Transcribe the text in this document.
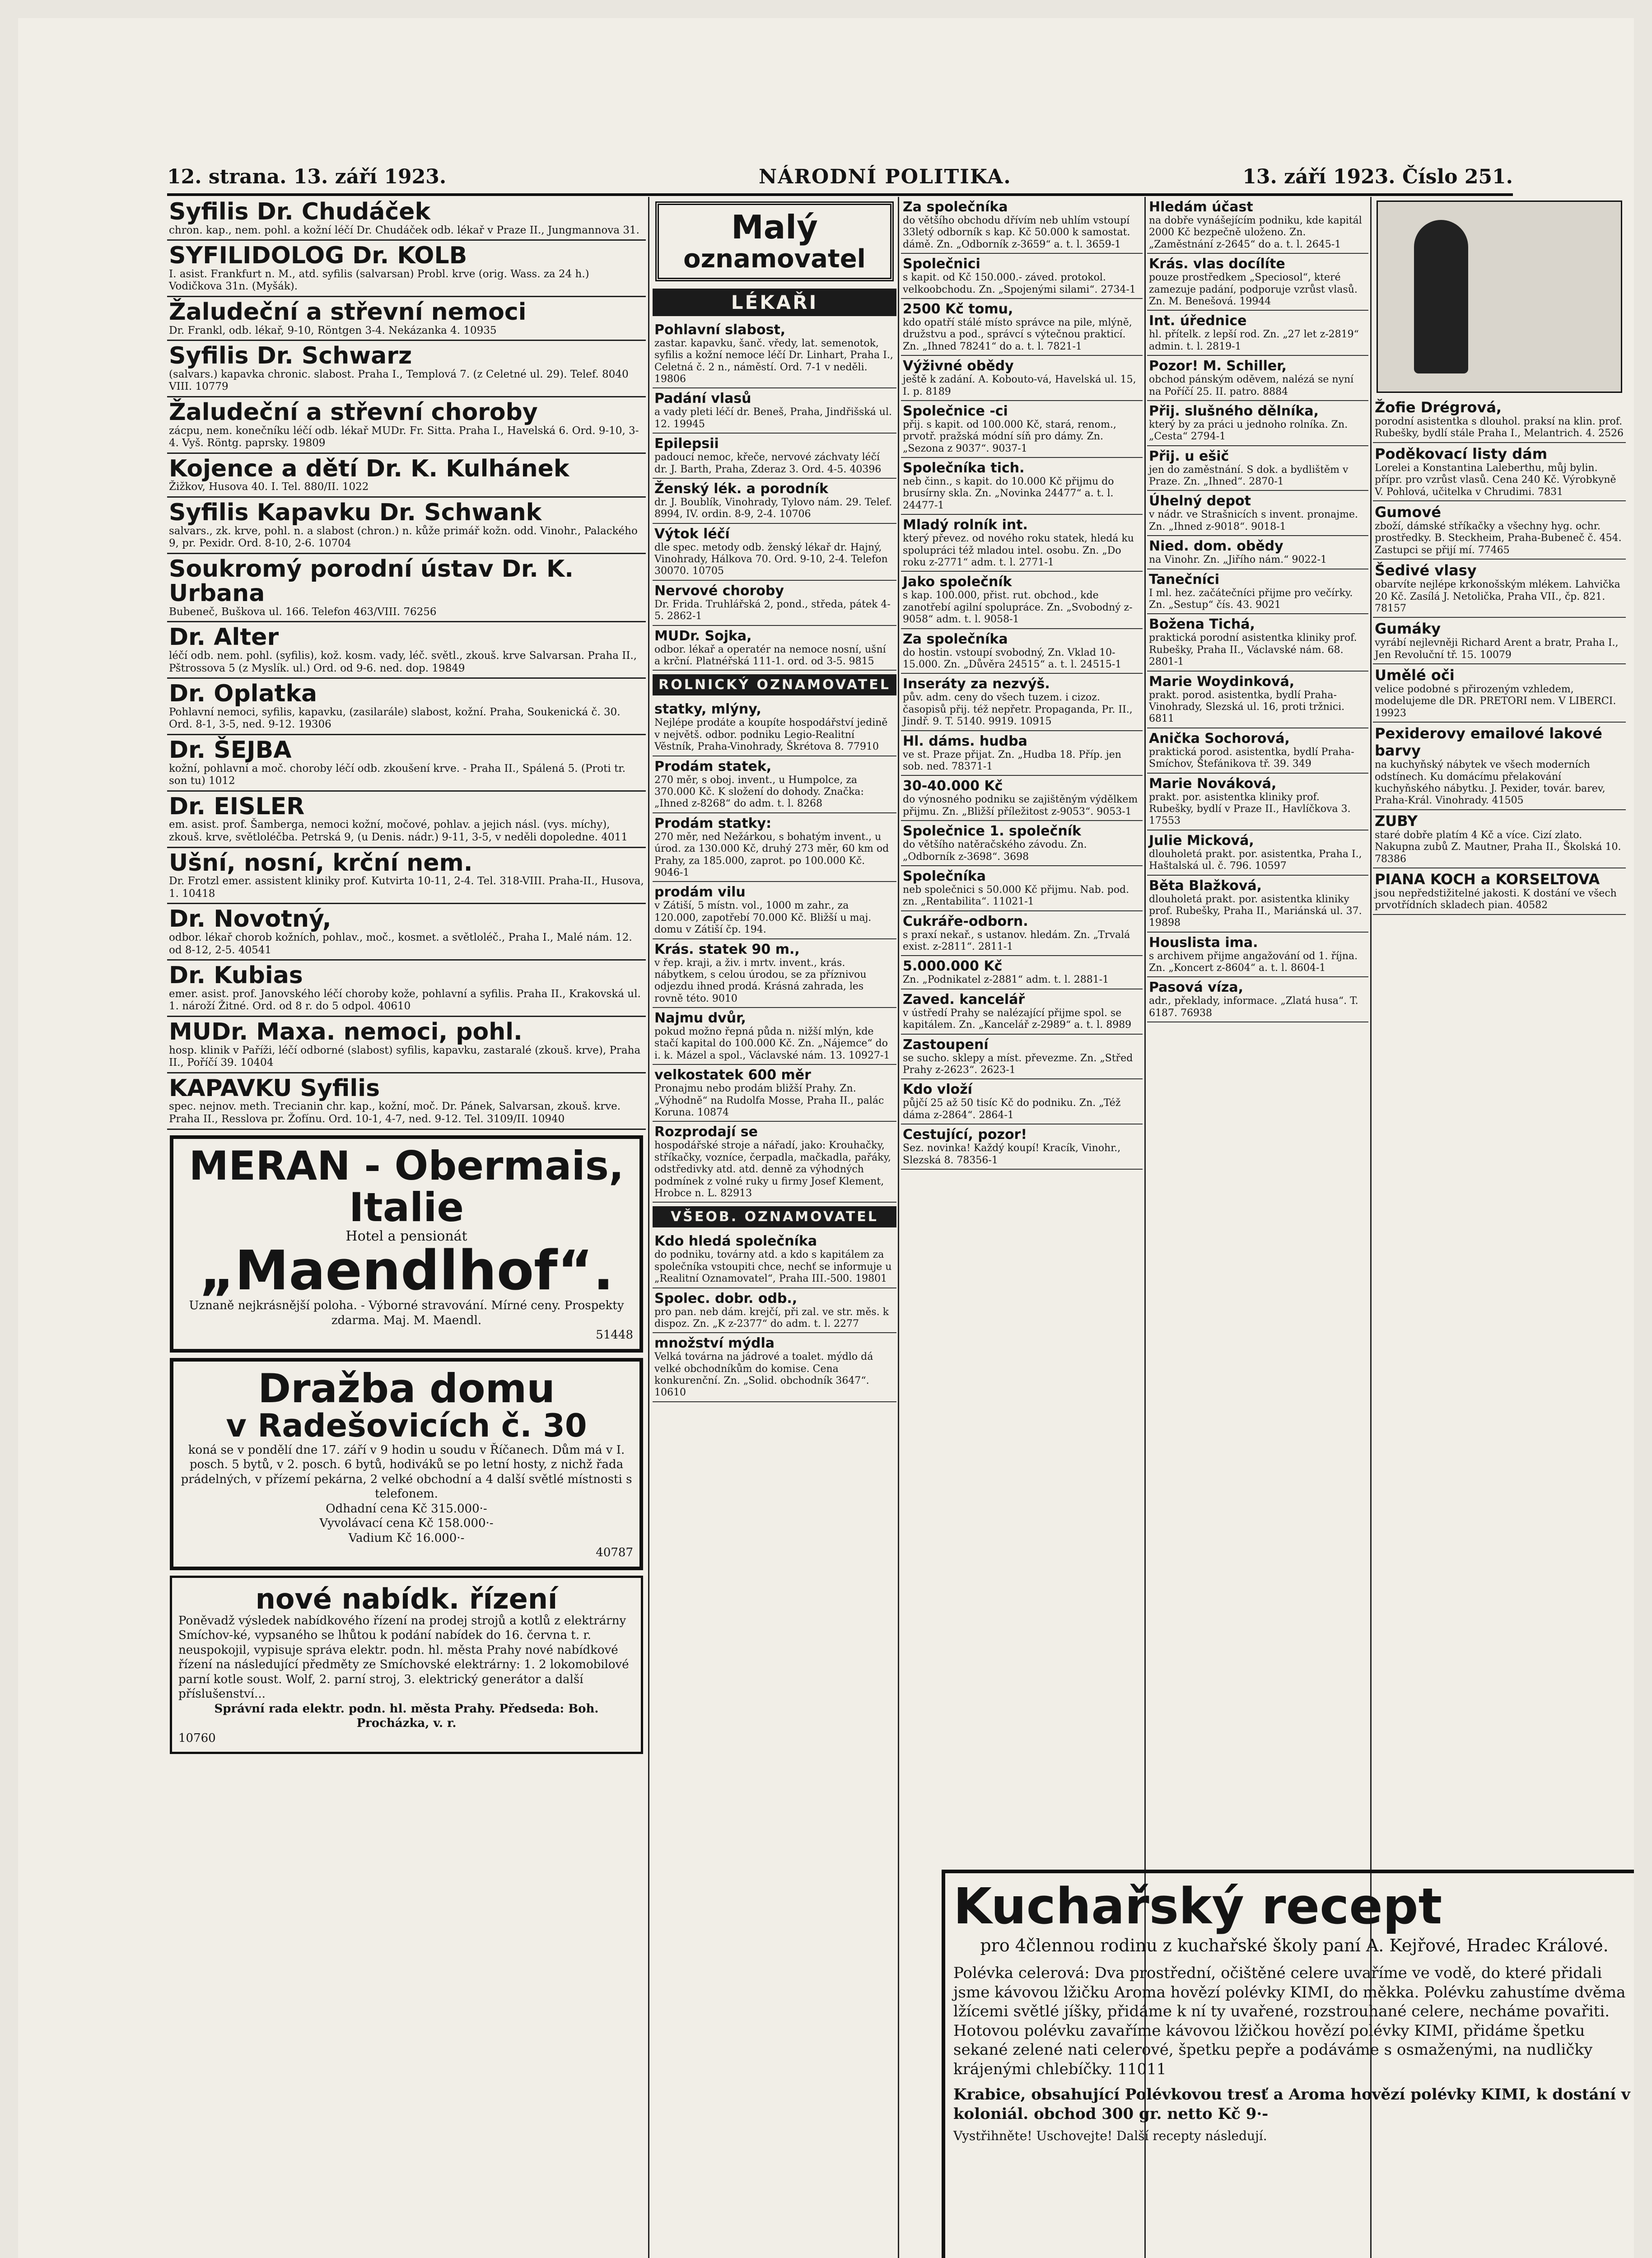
12. strana. 13. září 1923.	NÁRODNÍ POLITIKA.	13. září 1923. Číslo 251.
Syfilis Dr. Chudáček
chron. kap., nem. pohl. a kožní léčí Dr. Chudáček odb. lékař v Praze II., Jungmannova 31.
SYFILIDOLOG Dr. KOLB
I. asist. Frankfurt n. M., atd. syfilis (salvarsan) Probl. krve (orig. Wass. za 24 h.) Vodičkova 31n. (Myšák).
Žaludeční a střevní nemoci
Dr. Frankl, odb. lékař, 9-10, Röntgen 3-4. Nekázanka 4. 10935
Syfilis Dr. Schwarz
(salvars.) kapavka chronic. slabost. Praha I., Templová 7. (z Celetné ul. 29). Telef. 8040 VIII. 10779
Žaludeční a střevní choroby
zácpu, nem. konečníku léčí odb. lékař MUDr. Fr. Sitta. Praha I., Havelská 6. Ord. 9-10, 3-4. Vyš. Röntg. paprsky. 19809
Kojence a dětí Dr. K. Kulhánek
Žižkov, Husova 40. I. Tel. 880/II. 1022
Syfilis Kapavku Dr. Schwank
salvars., zk. krve, pohl. n. a slabost (chron.) n. kůže primář kožn. odd. Vinohr., Palackého 9, pr. Pexidr. Ord. 8-10, 2-6. 10704
Soukromý porodní ústav Dr. K. Urbana
Bubeneč, Buškova ul. 166. Telefon 463/VIII. 76256
Dr. Alter
léčí odb. nem. pohl. (syfilis), kož. kosm. vady, léč. světl., zkouš. krve Salvarsan. Praha II., Pštrossova 5 (z Myslík. ul.) Ord. od 9-6. ned. dop. 19849
Dr. Oplatka
Pohlavní nemoci, syfilis, kapavku, (zasilarále) slabost, kožní. Praha, Soukenická č. 30. Ord. 8-1, 3-5, ned. 9-12. 19306
Dr. ŠEJBA
kožní, pohlavní a moč. choroby léčí odb. zkoušení krve. - Praha II., Spálená 5. (Proti tr. son tu) 1012
Dr. EISLER
em. asist. prof. Šamberga, nemoci kožní, močové, pohlav. a jejich násl. (vys. míchy), zkouš. krve, světloléčba. Petrská 9, (u Denis. nádr.) 9-11, 3-5, v neděli dopoledne. 4011
Ušní, nosní, krční nem.
Dr. Frotzl emer. assistent kliniky prof. Kutvirta 10-11, 2-4. Tel. 318-VIII. Praha-II., Husova, 1. 10418
Dr. Novotný,
odbor. lékař chorob kožních, pohlav., moč., kosmet. a světloléč., Praha I., Malé nám. 12. od 8-12, 2-5. 40541
Dr. Kubias
emer. asist. prof. Janovského léčí choroby kože, pohlavní a syfilis. Praha II., Krakovská ul. 1. nároží Žitné. Ord. od 8 r. do 5 odpol. 40610
MUDr. Maxa. nemoci, pohl.
hosp. klinik v Paříži, léčí odborné (slabost) syfilis, kapavku, zastaralé (zkouš. krve), Praha II., Poříčí 39. 10404
KAPAVKU Syfilis
spec. nejnov. meth. Trecianin chr. kap., kožní, moč. Dr. Pánek, Salvarsan, zkouš. krve. Praha II., Resslova pr. Žofínu. Ord. 10-1, 4-7, ned. 9-12. Tel. 3109/II. 10940
MERAN - Obermais, Italie
Hotel a pensionát
„Maendlhof“.
Uznaně nejkrásnější poloha. - Výborné stravování. Mírné ceny. Prospekty zdarma. Maj. M. Maendl.
51448
Dražba domu
v Radešovicích č. 30
koná se v pondělí dne 17. září v 9 hodin u soudu v Říčanech. Dům má v I. posch. 5 bytů, v 2. posch. 6 bytů, hodiváků se po letní hosty, z nichž řada prádelných, v přízemí pekárna, 2 velké obchodní a 4 další světlé místnosti s telefonem.
Odhadní cena Kč 315.000·-
Vyvolávací cena Kč 158.000·-
Vadium Kč 16.000·-
40787
nové nabídk. řízení
Poněvadž výsledek nabídkového řízení na prodej strojů a kotlů z elektrárny Smíchov-ké, vypsaného se lhůtou k podání nabídek do 16. června t. r. neuspokojil, vypisuje správa elektr. podn. hl. města Prahy nové nabídkové řízení na následující předměty ze Smíchovské elektrárny: 1. 2 lokomobilové parní kotle soust. Wolf, 2. parní stroj, 3. elektrický generátor a další příslušenství...
Správní rada elektr. podn. hl. města Prahy. Předseda: Boh. Procházka, v. r.
10760
Malý
oznamovatel
LÉKAŘI
Pohlavní slabost,
zastar. kapavku, šanč. vředy, lat. semenotok, syfilis a kožní nemoce léčí Dr. Linhart, Praha I., Celetná č. 2 n., náměstí. Ord. 7-1 v neděli. 19806
Padání vlasů
a vady pleti léčí dr. Beneš, Praha, Jindřišská ul. 12. 19945
Epilepsii
padoucí nemoc, křeče, nervové záchvaty léčí dr. J. Barth, Praha, Zderaz 3. Ord. 4-5. 40396
Ženský lék. a porodník
dr. J. Boublík, Vinohrady, Tylovo nám. 29. Telef. 8994, IV. ordin. 8-9, 2-4. 10706
Výtok léčí
dle spec. metody odb. ženský lékař dr. Hajný, Vinohrady, Hálkova 70. Ord. 9-10, 2-4. Telefon 30070. 10705
Nervové choroby
Dr. Frida. Truhlářská 2, pond., středa, pátek 4-5. 2862-1
MUDr. Sojka,
odbor. lékař a operatér na nemoce nosní, ušní a krční. Platnéřská 111-1. ord. od 3-5. 9815
ROLNICKÝ OZNAMOVATEL
statky, mlýny,
Nejlépe prodáte a koupíte hospodářství jedině v největš. odbor. podniku Legio-Realitní Věstník, Praha-Vinohrady, Škrétova 8. 77910
Prodám statek,
270 měr, s oboj. invent., u Humpolce, za 370.000 Kč. K složení do dohody. Značka: „Ihned z-8268“ do adm. t. l. 8268
Prodám statky:
270 měr, ned Nežárkou, s bohatým invent., u úrod. za 130.000 Kč, druhý 273 měr, 60 km od Prahy, za 185.000, zaprot. po 100.000 Kč. 9046-1
prodám vilu
v Zátiší, 5 místn. vol., 1000 m zahr., za 120.000, zapotřebí 70.000 Kč. Bližší u maj. domu v Zátiší čp. 194.
Krás. statek 90 m.,
v řep. kraji, a živ. i mrtv. invent., krás. nábytkem, s celou úrodou, se za příznivou odjezdu ihned prodá. Krásná zahrada, les rovně této. 9010
Najmu dvůr,
pokud možno řepná půda n. nižší mlýn, kde stačí kapital do 100.000 Kč. Zn. „Nájemce“ do i. k. Mázel a spol., Václavské nám. 13. 10927-1
velkostatek 600 měr
Pronajmu nebo prodám bližší Prahy. Zn. „Výhodně“ na Rudolfa Mosse, Praha II., palác Koruna. 10874
Rozprodají se
hospodářské stroje a nářadí, jako: Krouhačky, stříkačky, vozníce, čerpadla, mačkadla, pařáky, odstředivky atd. atd. denně za výhodných podmínek z volné ruky u firmy Josef Klement, Hrobce n. L. 82913
VŠEOB. OZNAMOVATEL
Kdo hledá společníka
do podniku, továrny atd. a kdo s kapitálem za společníka vstoupiti chce, nechť se informuje u „Realitní Oznamovatel“, Praha III.-500. 19801
Spolec. dobr. odb.,
pro pan. neb dám. krejčí, při zal. ve str. měs. k dispoz. Zn. „K z-2377“ do adm. t. l. 2277
množství mýdla
Velká továrna na jádrové a toalet. mýdlo dá velké obchodníkům do komise. Cena konkurenční. Zn. „Solid. obchodník 3647“. 10610
Za společníka
do většího obchodu dřívím neb uhlím vstoupí 33letý odborník s kap. Kč 50.000 k samostat. dámě. Zn. „Odborník z-3659“ a. t. l. 3659-1
Společnici
s kapit. od Kč 150.000.- záved. protokol. velkoobchodu. Zn. „Spojenými silami“. 2734-1
2500 Kč tomu,
kdo opatří stálé místo správce na pile, mlýně, družstvu a pod., správcí s výtečnou prakticí. Zn. „Ihned 78241“ do a. t. l. 7821-1
Výživné obědy
ještě k zadání. A. Kobouto-vá, Havelská ul. 15, I. p. 8189
Společnice -ci
přij. s kapit. od 100.000 Kč, stará, renom., prvotř. pražská módní síň pro dámy. Zn. „Sezona z 9037“. 9037-1
Společníka tich.
neb činn., s kapit. do 10.000 Kč přijmu do brusírny skla. Zn. „Novinka 24477“ a. t. l. 24477-1
Mladý rolník int.
který převez. od nového roku statek, hledá ku spolupráci též mladou intel. osobu. Zn. „Do roku z-2771“ adm. t. l. 2771-1
Jako společník
s kap. 100.000, přist. rut. obchod., kde zanotřebí agilní spolupráce. Zn. „Svobodný z-9058“ adm. t. l. 9058-1
Za společníka
do hostin. vstoupí svobodný, Zn. Vklad 10-15.000. Zn. „Důvěra 24515“ a. t. l. 24515-1
Inseráty za nezvýš.
pův. adm. ceny do všech tuzem. i cizoz. časopisů přij. též nepřetr. Propaganda, Pr. II., Jindř. 9. T. 5140. 9919. 10915
Hl. dáms. hudba
ve st. Praze přijat. Zn. „Hudba 18. Příp. jen sob. ned. 78371-1
30-40.000 Kč
do výnosného podniku se zajištěným výdělkem přijmu. Zn. „Bližší příležitost z-9053“. 9053-1
Společnice 1. společník
do většího natěračského závodu. Zn. „Odborník z-3698“. 3698
Společníka
neb společnici s 50.000 Kč přijmu. Nab. pod. zn. „Rentabilita“. 11021-1
Cukráře-odborn.
s praxí nekař., s ustanov. hledám. Zn. „Trvalá exist. z-2811“. 2811-1
5.000.000 Kč
Zn. „Podnikatel z-2881“ adm. t. l. 2881-1
Zaved. kancelář
v ústředí Prahy se nalézající přijme spol. se kapitálem. Zn. „Kancelář z-2989“ a. t. l. 8989
Zastoupení
se sucho. sklepy a míst. převezme. Zn. „Střed Prahy z-2623“. 2623-1
Kdo vloží
půjčí 25 až 50 tisíc Kč do podniku. Zn. „Též dáma z-2864“. 2864-1
Cestující, pozor!
Sez. novinka! Každý koupí! Kracík, Vinohr., Slezská 8. 78356-1
Hledám účast
na dobře vynášejícím podniku, kde kapitál 2000 Kč bezpečně uloženo. Zn. „Zaměstnání z-2645“ do a. t. l. 2645-1
Krás. vlas docílíte
pouze prostředkem „Speciosol“, které zamezuje padání, podporuje vzrůst vlasů. Zn. M. Benešová. 19944
Int. úřednice
hl. přítelk. z lepší rod. Zn. „27 let z-2819“ admin. t. l. 2819-1
Pozor! M. Schiller,
obchod pánským oděvem, nalézá se nyní na Poříčí 25. II. patro. 8884
Přij. slušného dělníka,
který by za práci u jednoho rolníka. Zn. „Cesta“ 2794-1
Přij. u ešič
jen do zaměstnání. S dok. a bydlištěm v Praze. Zn. „Ihned“. 2870-1
Úhelný depot
v nádr. ve Strašnicích s invent. pronajme. Zn. „Ihned z-9018“. 9018-1
Nied. dom. obědy
na Vinohr. Zn. „Jiřího nám.“ 9022-1
Tanečníci
I ml. hez. začátečníci přijme pro večírky. Zn. „Sestup“ čís. 43. 9021
Božena Tichá,
praktická porodní asistentka kliniky prof. Rubešky, Praha II., Václavské nám. 68. 2801-1
Marie Woydinková,
prakt. porod. asistentka, bydlí Praha-Vinohrady, Slezská ul. 16, proti tržnici. 6811
Anička Sochorová,
praktická porod. asistentka, bydlí Praha-Smíchov, Štefánikova tř. 39. 349
Marie Nováková,
prakt. por. asistentka kliniky prof. Rubešky, bydlí v Praze II., Havlíčkova 3. 17553
Julie Micková,
dlouholetá prakt. por. asistentka, Praha I., Haštalská ul. č. 796. 10597
Běta Blažková,
dlouholetá prakt. por. asistentka kliniky prof. Rubešky, Praha II., Mariánská ul. 37. 19898
Houslista ima.
s archivem přijme angažování od 1. října. Zn. „Koncert z-8604“ a. t. l. 8604-1
Pasová víza,
adr., překlady, informace. „Zlatá husa“. T. 6187. 76938
Žofie Drégrová,
porodní asistentka s dlouhol. praksí na klin. prof. Rubešky, bydlí stále Praha I., Melantrich. 4. 2526
Poděkovací listy dám
Lorelei a Konstantina Laleberthu, můj bylin. přípr. pro vzrůst vlasů. Cena 240 Kč. Výrobkyně V. Pohlová, učitelka v Chrudimi. 7831
Gumové
zboží, dámské stříkačky a všechny hyg. ochr. prostředky. B. Steckheim, Praha-Bubeneč č. 454. Zastupci se přijí mí. 77465
Šedivé vlasy
obarvíte nejlépe krkonošským mlékem. Lahvička 20 Kč. Zasílá J. Netolička, Praha VII., čp. 821. 78157
Gumáky
vyrábí nejlevněji Richard Arent a bratr, Praha I., Jen Revoluční tř. 15. 10079
Umělé oči
velice podobné s přirozeným vzhledem, modelujeme dle DR. PRETORI nem. V LIBERCI. 19923
Pexiderovy emailové lakové barvy
na kuchyňský nábytek ve všech moderních odstínech. Ku domácímu přelakování kuchyňského nábytku. J. Pexider, továr. barev, Praha-Král. Vinohrady. 41505
ZUBY
staré dobře platím 4 Kč a více. Cizí zlato. Nakupna zubů Z. Mautner, Praha II., Školská 10. 78386
PIANA KOCH a KORSELTOVA
jsou nepředstižitelné jakosti. K dostání ve všech prvotřídních skladech pian. 40582
Kuchařský recept
pro 4člennou rodinu z kuchařské školy paní A. Kejřové, Hradec Králové.
Polévka celerová: Dva prostřední, očištěné celere uvaříme ve vodě, do které přidali jsme kávovou lžičku Aroma hovězí polévky KIMI, do měkka. Polévku zahustíme dvěma lžícemi světlé jíšky, přidáme k ní ty uvařené, rozstrouhané celere, necháme povařiti. Hotovou polévku zavaříme kávovou lžičkou hovězí polévky KIMI, přidáme špetku sekané zelené nati celerové, špetku pepře a podáváme s osmaženými, na nudličky krájenými chlebíčky. 11011
Krabice, obsahující Polévkovou tresť a Aroma hovězí polévky KIMI, k dostání v koloniál. obchod 300 gr. netto Kč 9·-
Vystřihněte! Uschovejte! Další recepty následují.
